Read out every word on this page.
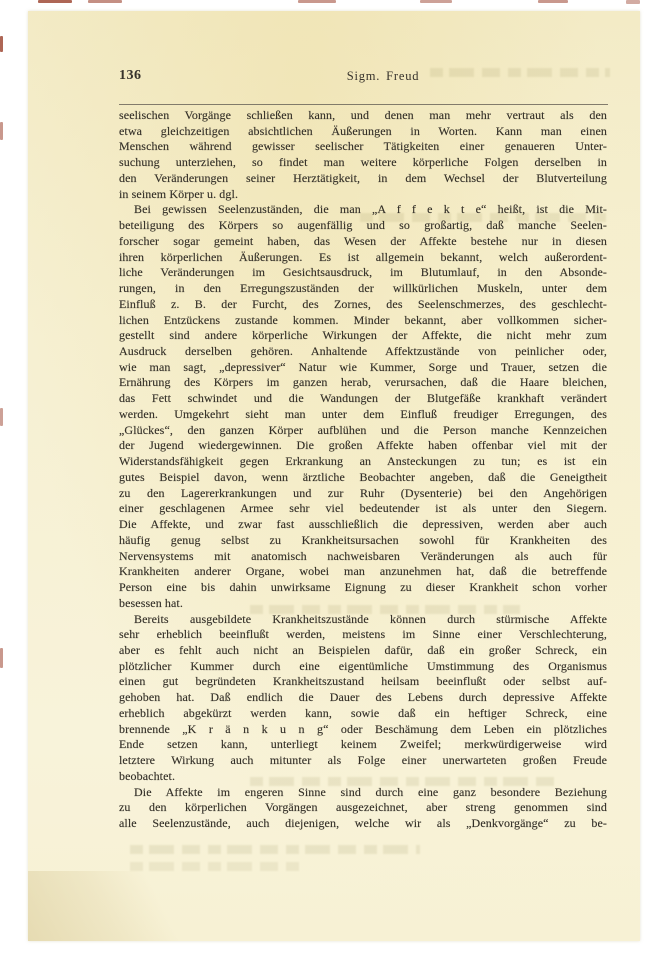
136	Sigm. Freud
seelischen Vorgänge schließen kann, und denen man mehr vertraut als den
etwa gleichzeitigen absichtlichen Äußerungen in Worten. Kann man einen
Menschen während gewisser seelischer Tätigkeiten einer genaueren Unter-
suchung unterziehen, so findet man weitere körperliche Folgen derselben in
den Veränderungen seiner Herztätigkeit, in dem Wechsel der Blutverteilung
in seinem Körper u. dgl.
Bei gewissen Seelenzuständen, die man „A f f e k t e“ heißt, ist die Mit-
beteiligung des Körpers so augenfällig und so großartig, daß manche Seelen-
forscher sogar gemeint haben, das Wesen der Affekte bestehe nur in diesen
ihren körperlichen Äußerungen. Es ist allgemein bekannt, welch außerordent-
liche Veränderungen im Gesichtsausdruck, im Blutumlauf, in den Absonde-
rungen, in den Erregungszuständen der willkürlichen Muskeln, unter dem
Einfluß z. B. der Furcht, des Zornes, des Seelenschmerzes, des geschlecht-
lichen Entzückens zustande kommen. Minder bekannt, aber vollkommen sicher-
gestellt sind andere körperliche Wirkungen der Affekte, die nicht mehr zum
Ausdruck derselben gehören. Anhaltende Affektzustände von peinlicher oder,
wie man sagt, „depressiver“ Natur wie Kummer, Sorge und Trauer, setzen die
Ernährung des Körpers im ganzen herab, verursachen, daß die Haare bleichen,
das Fett schwindet und die Wandungen der Blutgefäße krankhaft verändert
werden. Umgekehrt sieht man unter dem Einfluß freudiger Erregungen, des
„Glückes“, den ganzen Körper aufblühen und die Person manche Kennzeichen
der Jugend wiedergewinnen. Die großen Affekte haben offenbar viel mit der
Widerstandsfähigkeit gegen Erkrankung an Ansteckungen zu tun; es ist ein
gutes Beispiel davon, wenn ärztliche Beobachter angeben, daß die Geneigtheit
zu den Lagererkrankungen und zur Ruhr (Dysenterie) bei den Angehörigen
einer geschlagenen Armee sehr viel bedeutender ist als unter den Siegern.
Die Affekte, und zwar fast ausschließlich die depressiven, werden aber auch
häufig genug selbst zu Krankheitsursachen sowohl für Krankheiten des
Nervensystems mit anatomisch nachweisbaren Veränderungen als auch für
Krankheiten anderer Organe, wobei man anzunehmen hat, daß die betreffende
Person eine bis dahin unwirksame Eignung zu dieser Krankheit schon vorher
besessen hat.
Bereits ausgebildete Krankheitszustände können durch stürmische Affekte
sehr erheblich beeinflußt werden, meistens im Sinne einer Verschlechterung,
aber es fehlt auch nicht an Beispielen dafür, daß ein großer Schreck, ein
plötzlicher Kummer durch eine eigentümliche Umstimmung des Organismus
einen gut begründeten Krankheitszustand heilsam beeinflußt oder selbst auf-
gehoben hat. Daß endlich die Dauer des Lebens durch depressive Affekte
erheblich abgekürzt werden kann, sowie daß ein heftiger Schreck, eine
brennende „K r ä n k u n g“ oder Beschämung dem Leben ein plötzliches
Ende setzen kann, unterliegt keinem Zweifel; merkwürdigerweise wird
letztere Wirkung auch mitunter als Folge einer unerwarteten großen Freude
beobachtet.
Die Affekte im engeren Sinne sind durch eine ganz besondere Beziehung
zu den körperlichen Vorgängen ausgezeichnet, aber streng genommen sind
alle Seelenzustände, auch diejenigen, welche wir als „Denkvorgänge“ zu be-
